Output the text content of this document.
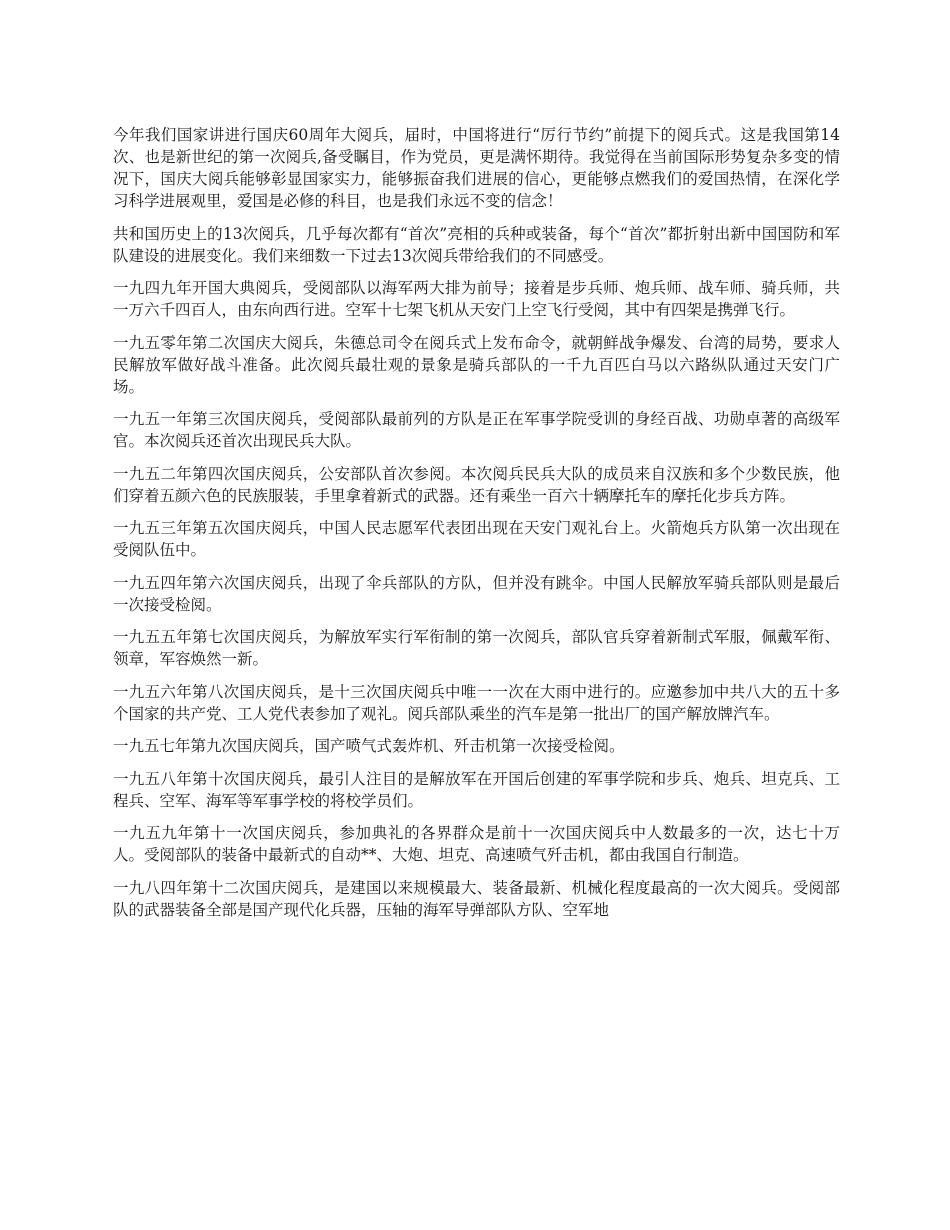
今年我们国家讲进行国庆60周年大阅兵，届时，中国将进行“厉行节约”前提下的阅兵式。这是我国第14次、也是新世纪的第一次阅兵,备受瞩目，作为党员，更是满怀期待。我觉得在当前国际形势复杂多变的情况下，国庆大阅兵能够彰显国家实力，能够振奋我们进展的信心，更能够点燃我们的爱国热情，在深化学习科学进展观里，爱国是必修的科目，也是我们永远不变的信念！

共和国历史上的13次阅兵，几乎每次都有“首次”亮相的兵种或装备，每个“首次”都折射出新中国国防和军队建设的进展变化。我们来细数一下过去13次阅兵带给我们的不同感受。

一九四九年开国大典阅兵，受阅部队以海军两大排为前导；接着是步兵师、炮兵师、战车师、骑兵师，共一万六千四百人，由东向西行进。空军十七架飞机从天安门上空飞行受阅，其中有四架是携弹飞行。

一九五零年第二次国庆大阅兵，朱德总司令在阅兵式上发布命令，就朝鲜战争爆发、台湾的局势，要求人民解放军做好战斗准备。此次阅兵最壮观的景象是骑兵部队的一千九百匹白马以六路纵队通过天安门广场。

一九五一年第三次国庆阅兵，受阅部队最前列的方队是正在军事学院受训的身经百战、功勋卓著的高级军官。本次阅兵还首次出现民兵大队。

一九五二年第四次国庆阅兵，公安部队首次参阅。本次阅兵民兵大队的成员来自汉族和多个少数民族，他们穿着五颜六色的民族服装，手里拿着新式的武器。还有乘坐一百六十辆摩托车的摩托化步兵方阵。

一九五三年第五次国庆阅兵，中国人民志愿军代表团出现在天安门观礼台上。火箭炮兵方队第一次出现在受阅队伍中。

一九五四年第六次国庆阅兵，出现了伞兵部队的方队，但并没有跳伞。中国人民解放军骑兵部队则是最后一次接受检阅。

一九五五年第七次国庆阅兵，为解放军实行军衔制的第一次阅兵，部队官兵穿着新制式军服，佩戴军衔、领章，军容焕然一新。

一九五六年第八次国庆阅兵，是十三次国庆阅兵中唯一一次在大雨中进行的。应邀参加中共八大的五十多个国家的共产党、工人党代表参加了观礼。阅兵部队乘坐的汽车是第一批出厂的国产解放牌汽车。

一九五七年第九次国庆阅兵，国产喷气式轰炸机、歼击机第一次接受检阅。

一九五八年第十次国庆阅兵，最引人注目的是解放军在开国后创建的军事学院和步兵、炮兵、坦克兵、工程兵、空军、海军等军事学校的将校学员们。

一九五九年第十一次国庆阅兵，参加典礼的各界群众是前十一次国庆阅兵中人数最多的一次，达七十万人。受阅部队的装备中最新式的自动**、大炮、坦克、高速喷气歼击机，都由我国自行制造。

一九八四年第十二次国庆阅兵，是建国以来规模最大、装备最新、机械化程度最高的一次大阅兵。受阅部队的武器装备全部是国产现代化兵器，压轴的海军导弹部队方队、空军地
